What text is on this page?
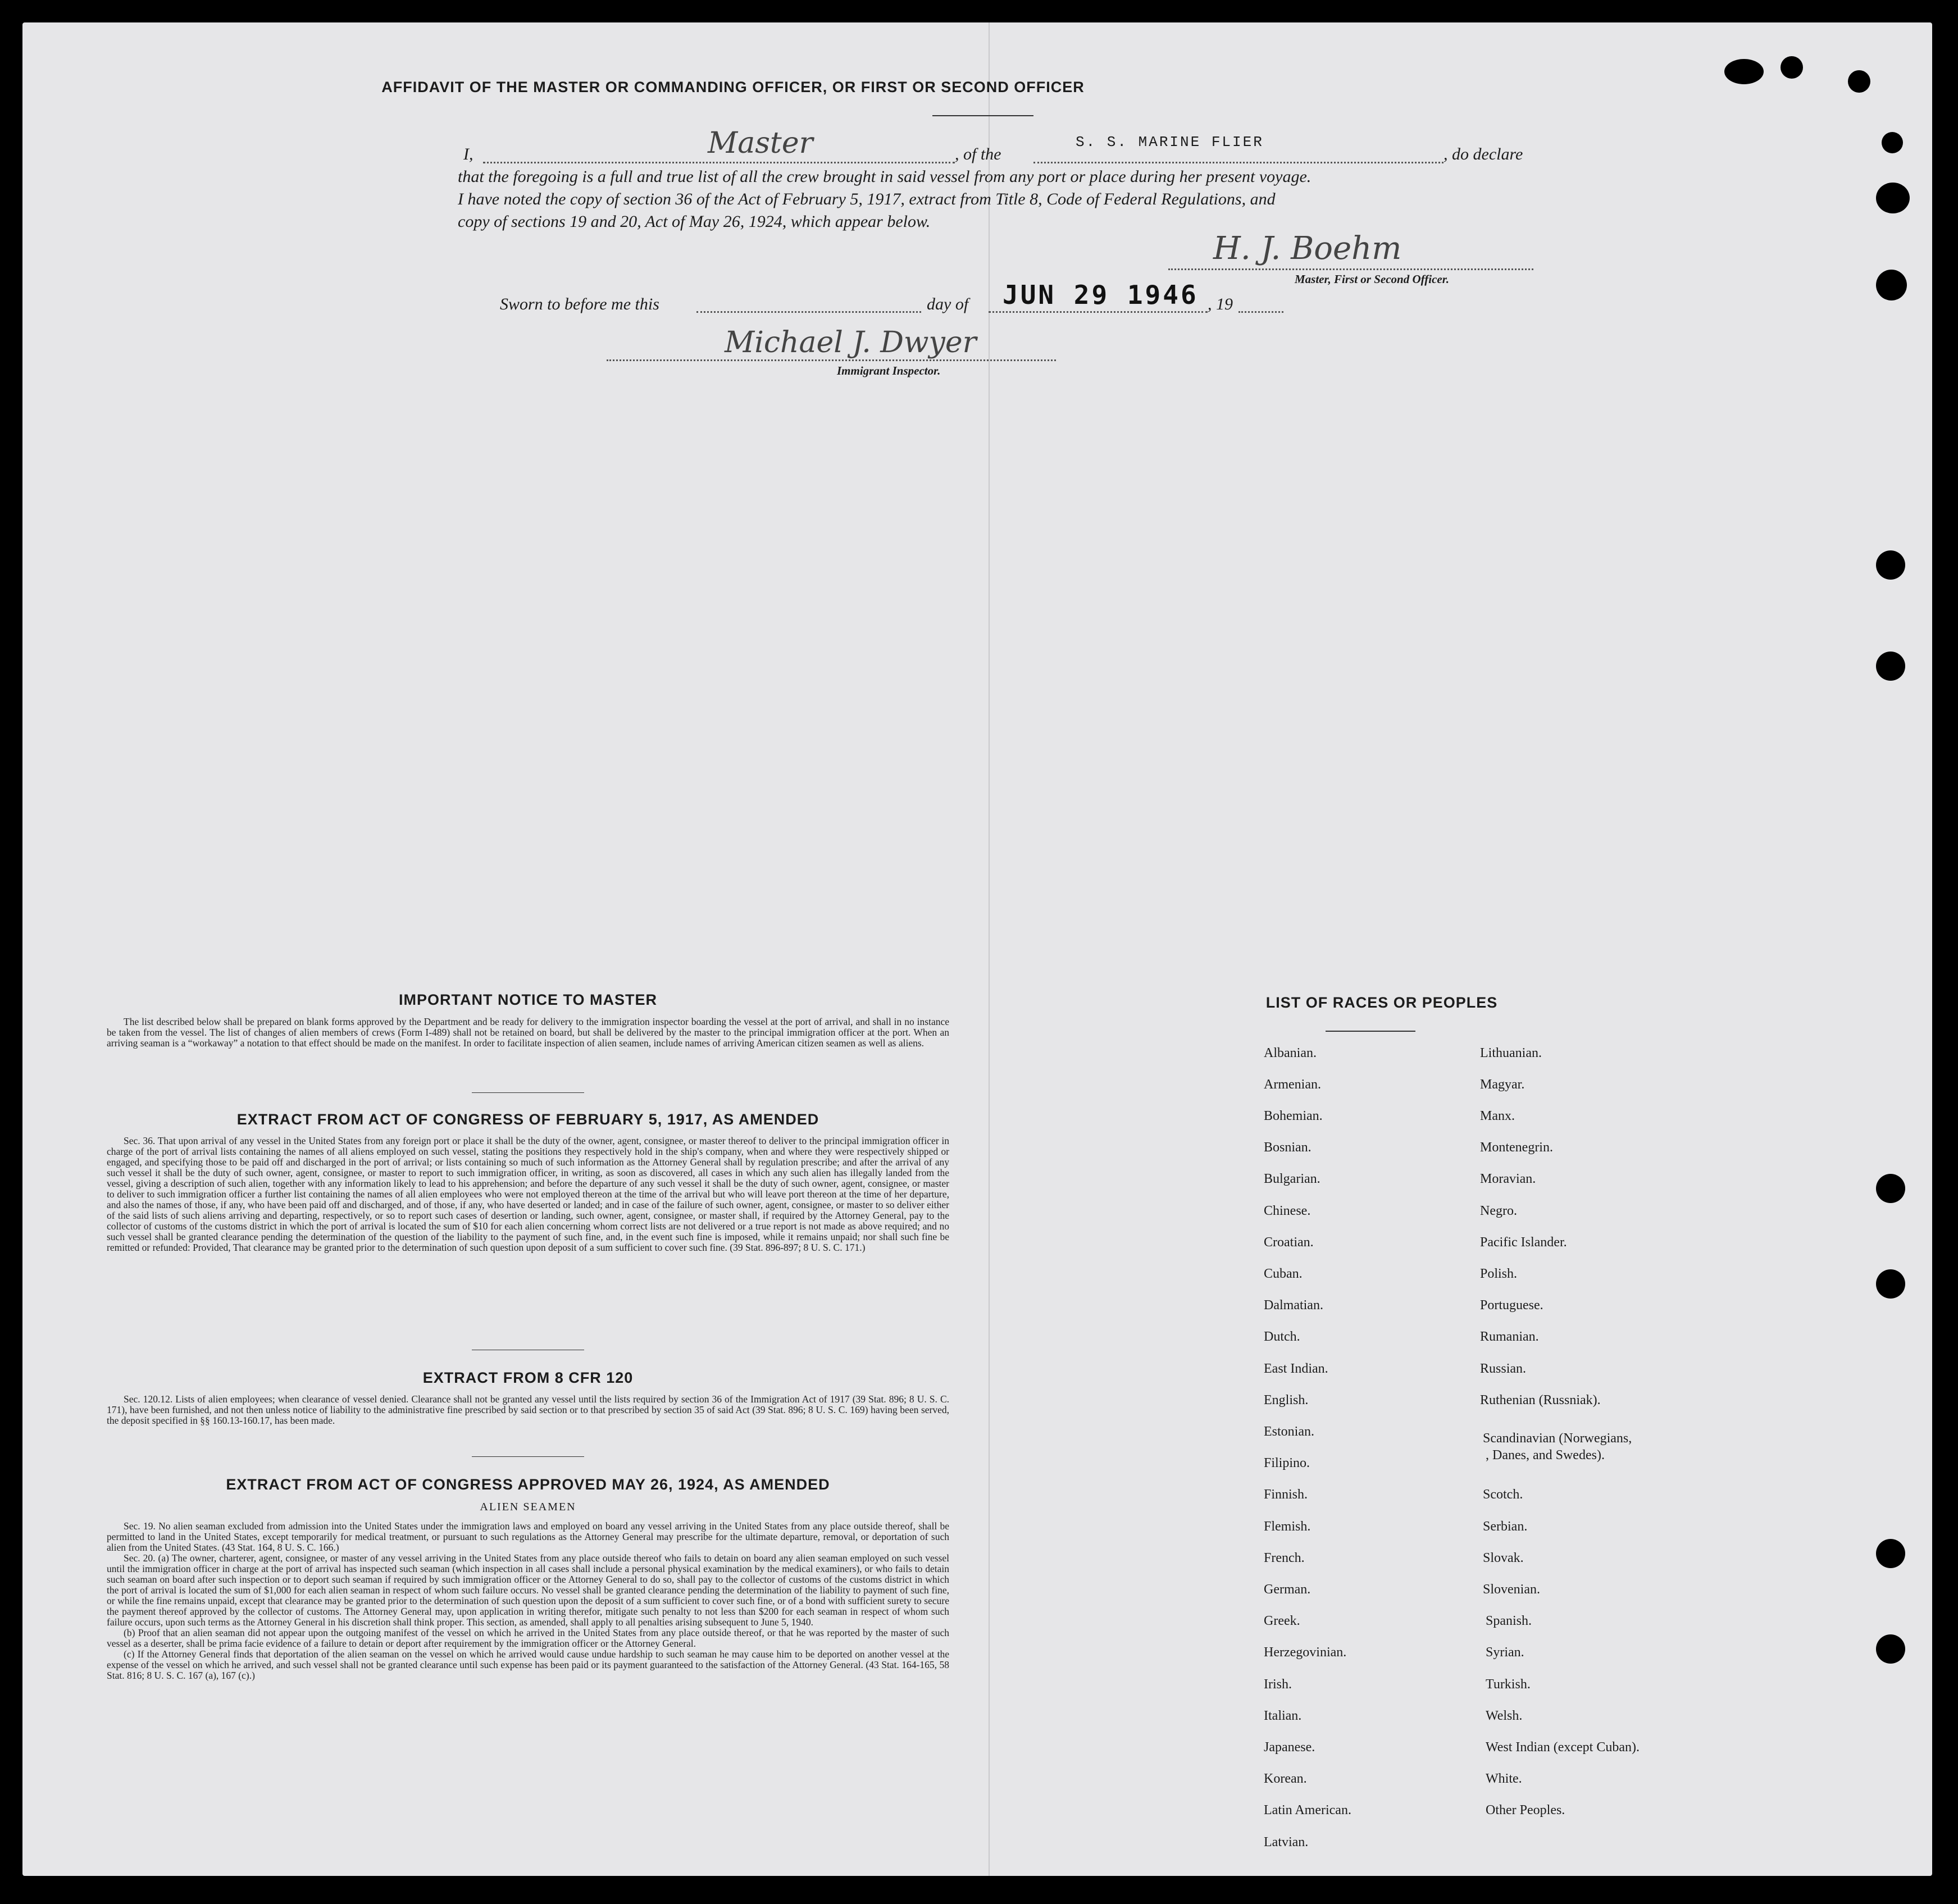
AFFIDAVIT OF THE MASTER OR COMMANDING OFFICER, OR FIRST OR SECOND OFFICER
I,	Master	, of the
S. S. MARINE FLIER
, do declare
that the foregoing is a full and true list of all the crew brought in said vessel from any port or place during her present voyage.
I have noted the copy of section 36 of the Act of February 5, 1917, extract from Title 8, Code of Federal Regulations, and
copy of sections 19 and 20, Act of May 26, 1924, which appear below.
H. J. Boehm
Master, First or Second Officer.
Sworn to before me this	day of JUN 29 1946 , 19
Michael J. Dwyer
Immigrant Inspector.
IMPORTANT NOTICE TO MASTER

The list described below shall be prepared on blank forms approved by the Department and be ready for delivery to the immigration inspector boarding the vessel at the port of arrival, and shall in no instance be taken from the vessel. The list of changes of alien members of crews (Form I-489) shall not be retained on board, but shall be delivered by the master to the principal immigration officer at the port. When an arriving seaman is a “workaway” a notation to that effect should be made on the manifest. In order to facilitate inspection of alien seamen, include names of arriving American citizen seamen as well as aliens.

EXTRACT FROM ACT OF CONGRESS OF FEBRUARY 5, 1917, AS AMENDED

Sec. 36. That upon arrival of any vessel in the United States from any foreign port or place it shall be the duty of the owner, agent, consignee, or master thereof to deliver to the principal immigration officer in charge of the port of arrival lists containing the names of all aliens employed on such vessel, stating the positions they respectively hold in the ship's company, when and where they were respectively shipped or engaged, and specifying those to be paid off and discharged in the port of arrival; or lists containing so much of such information as the Attorney General shall by regulation prescribe; and after the arrival of any such vessel it shall be the duty of such owner, agent, consignee, or master to report to such immigration officer, in writing, as soon as discovered, all cases in which any such alien has illegally landed from the vessel, giving a description of such alien, together with any information likely to lead to his apprehension; and before the departure of any such vessel it shall be the duty of such owner, agent, consignee, or master to deliver to such immigration officer a further list containing the names of all alien employees who were not employed thereon at the time of the arrival but who will leave port thereon at the time of her departure, and also the names of those, if any, who have been paid off and discharged, and of those, if any, who have deserted or landed; and in case of the failure of such owner, agent, consignee, or master to so deliver either of the said lists of such aliens arriving and departing, respectively, or so to report such cases of desertion or landing, such owner, agent, consignee, or master shall, if required by the Attorney General, pay to the collector of customs of the customs district in which the port of arrival is located the sum of $10 for each alien concerning whom correct lists are not delivered or a true report is not made as above required; and no such vessel shall be granted clearance pending the determination of the question of the liability to the payment of such fine, and, in the event such fine is imposed, while it remains unpaid; nor shall such fine be remitted or refunded: Provided, That clearance may be granted prior to the determination of such question upon deposit of a sum sufficient to cover such fine. (39 Stat. 896-897; 8 U. S. C. 171.)

EXTRACT FROM 8 CFR 120

Sec. 120.12. Lists of alien employees; when clearance of vessel denied. Clearance shall not be granted any vessel until the lists required by section 36 of the Immigration Act of 1917 (39 Stat. 896; 8 U. S. C. 171), have been furnished, and not then unless notice of liability to the administrative fine prescribed by said section or to that prescribed by section 35 of said Act (39 Stat. 896; 8 U. S. C. 169) having been served, the deposit specified in §§ 160.13-160.17, has been made.

EXTRACT FROM ACT OF CONGRESS APPROVED MAY 26, 1924, AS AMENDED
ALIEN SEAMEN

Sec. 19. No alien seaman excluded from admission into the United States under the immigration laws and employed on board any vessel arriving in the United States from any place outside thereof, shall be permitted to land in the United States, except temporarily for medical treatment, or pursuant to such regulations as the Attorney General may prescribe for the ultimate departure, removal, or deportation of such alien from the United States. (43 Stat. 164, 8 U. S. C. 166.)

Sec. 20. (a) The owner, charterer, agent, consignee, or master of any vessel arriving in the United States from any place outside thereof who fails to detain on board any alien seaman employed on such vessel until the immigration officer in charge at the port of arrival has inspected such seaman (which inspection in all cases shall include a personal physical examination by the medical examiners), or who fails to detain such seaman on board after such inspection or to deport such seaman if required by such immigration officer or the Attorney General to do so, shall pay to the collector of customs of the customs district in which the port of arrival is located the sum of $1,000 for each alien seaman in respect of whom such failure occurs. No vessel shall be granted clearance pending the determination of the liability to payment of such fine, or while the fine remains unpaid, except that clearance may be granted prior to the determination of such question upon the deposit of a sum sufficient to cover such fine, or of a bond with sufficient surety to secure the payment thereof approved by the collector of customs. The Attorney General may, upon application in writing therefor, mitigate such penalty to not less than $200 for each seaman in respect of whom such failure occurs, upon such terms as the Attorney General in his discretion shall think proper. This section, as amended, shall apply to all penalties arising subsequent to June 5, 1940.

(b) Proof that an alien seaman did not appear upon the outgoing manifest of the vessel on which he arrived in the United States from any place outside thereof, or that he was reported by the master of such vessel as a deserter, shall be prima facie evidence of a failure to detain or deport after requirement by the immigration officer or the Attorney General.

(c) If the Attorney General finds that deportation of the alien seaman on the vessel on which he arrived would cause undue hardship to such seaman he may cause him to be deported on another vessel at the expense of the vessel on which he arrived, and such vessel shall not be granted clearance until such expense has been paid or its payment guaranteed to the satisfaction of the Attorney General. (43 Stat. 164-165, 58 Stat. 816; 8 U. S. C. 167 (a), 167 (c).)

LIST OF RACES OR PEOPLES
Albanian.
Armenian.
Bohemian.
Bosnian.
Bulgarian.
Chinese.
Croatian.
Cuban.
Dalmatian.
Dutch.
East Indian.
English.
Estonian.
Filipino.
Finnish.
Flemish.
French.
German.
Greek.
Herzegovinian.
Irish.
Italian.
Japanese.
Korean.
Latin American.
Latvian.
Lithuanian.
Magyar.
Manx.
Montenegrin.
Moravian.
Negro.
Pacific Islander.
Polish.
Portuguese.
Rumanian.
Russian.
Ruthenian (Russniak).
Scandinavian (Norwegians,
, Danes, and Swedes).
Scotch.
Serbian.
Slovak.
Slovenian.
Spanish.
Syrian.
Turkish.
Welsh.
West Indian (except Cuban).
White.
Other Peoples.
